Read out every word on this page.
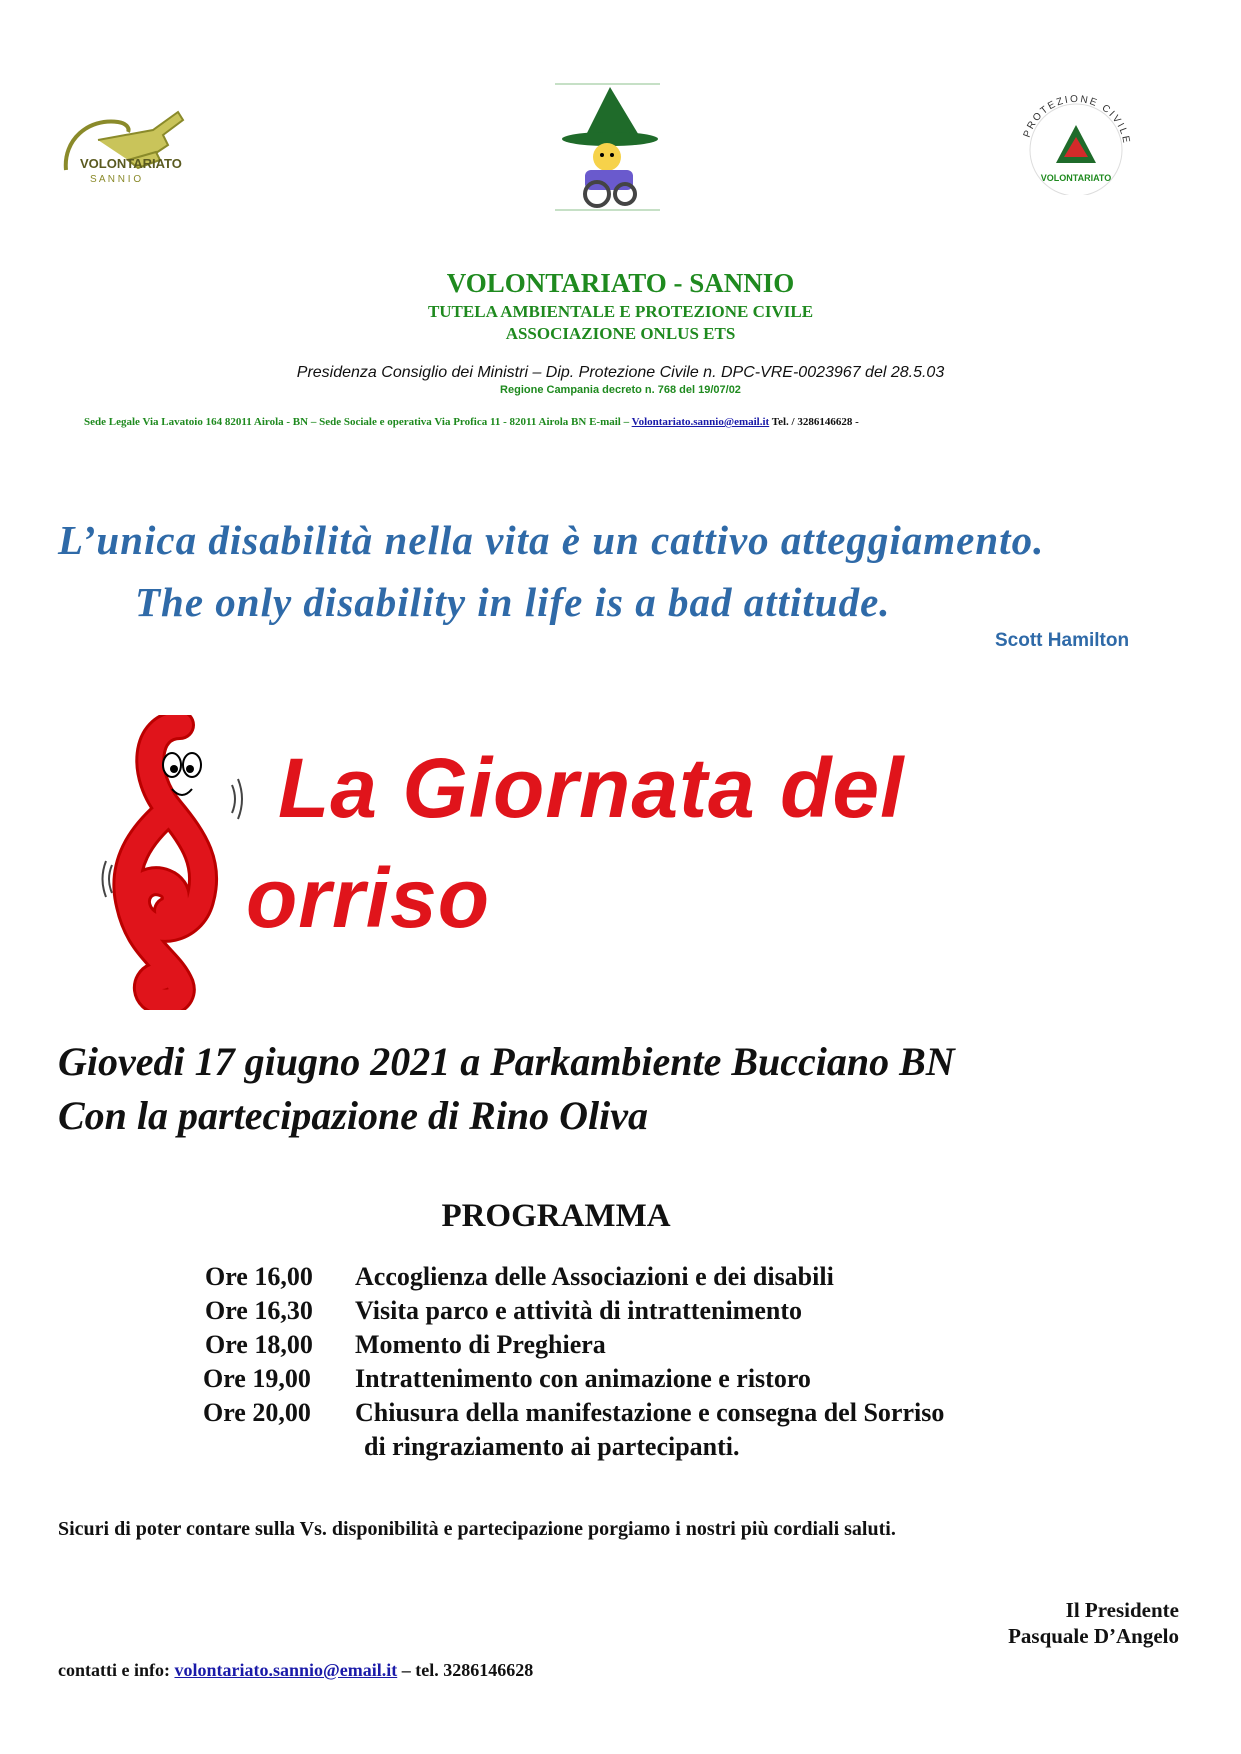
VOLONTARIATO
S A N N I O
PROTEZIONE CIVILE
VOLONTARIATO
VOLONTARIATO - SANNIO
TUTELA AMBIENTALE E PROTEZIONE CIVILE
ASSOCIAZIONE ONLUS ETS
Presidenza Consiglio dei Ministri – Dip. Protezione Civile n. DPC-VRE-0023967 del 28.5.03
Regione Campania decreto n. 768 del 19/07/02
Sede Legale Via Lavatoio 164 82011 Airola - BN – Sede Sociale e operativa Via Profica 11 - 82011 Airola BN E-mail – Volontariato.sannio@email.it Tel. / 3286146628 -
L’unica disabilità nella vita è un cattivo atteggiamento.
The only disability in life is a bad attitude.
Scott Hamilton
La Giornata del
orriso
Giovedi 17 giugno 2021 a Parkambiente Bucciano BN
Con la partecipazione di Rino Oliva
PROGRAMMA
Ore 16,00 Accoglienza delle Associazioni e dei disabili
Ore 16,30 Visita parco e attività di intrattenimento
Ore 18,00 Momento di Preghiera
Ore 19,00 Intrattenimento con animazione e ristoro
Ore 20,00 Chiusura della manifestazione e consegna del Sorriso
di ringraziamento ai partecipanti.
Sicuri di poter contare sulla Vs. disponibilità e partecipazione porgiamo i nostri più cordiali saluti.
Il Presidente
Pasquale D’Angelo
contatti e info: volontariato.sannio@email.it – tel. 3286146628
